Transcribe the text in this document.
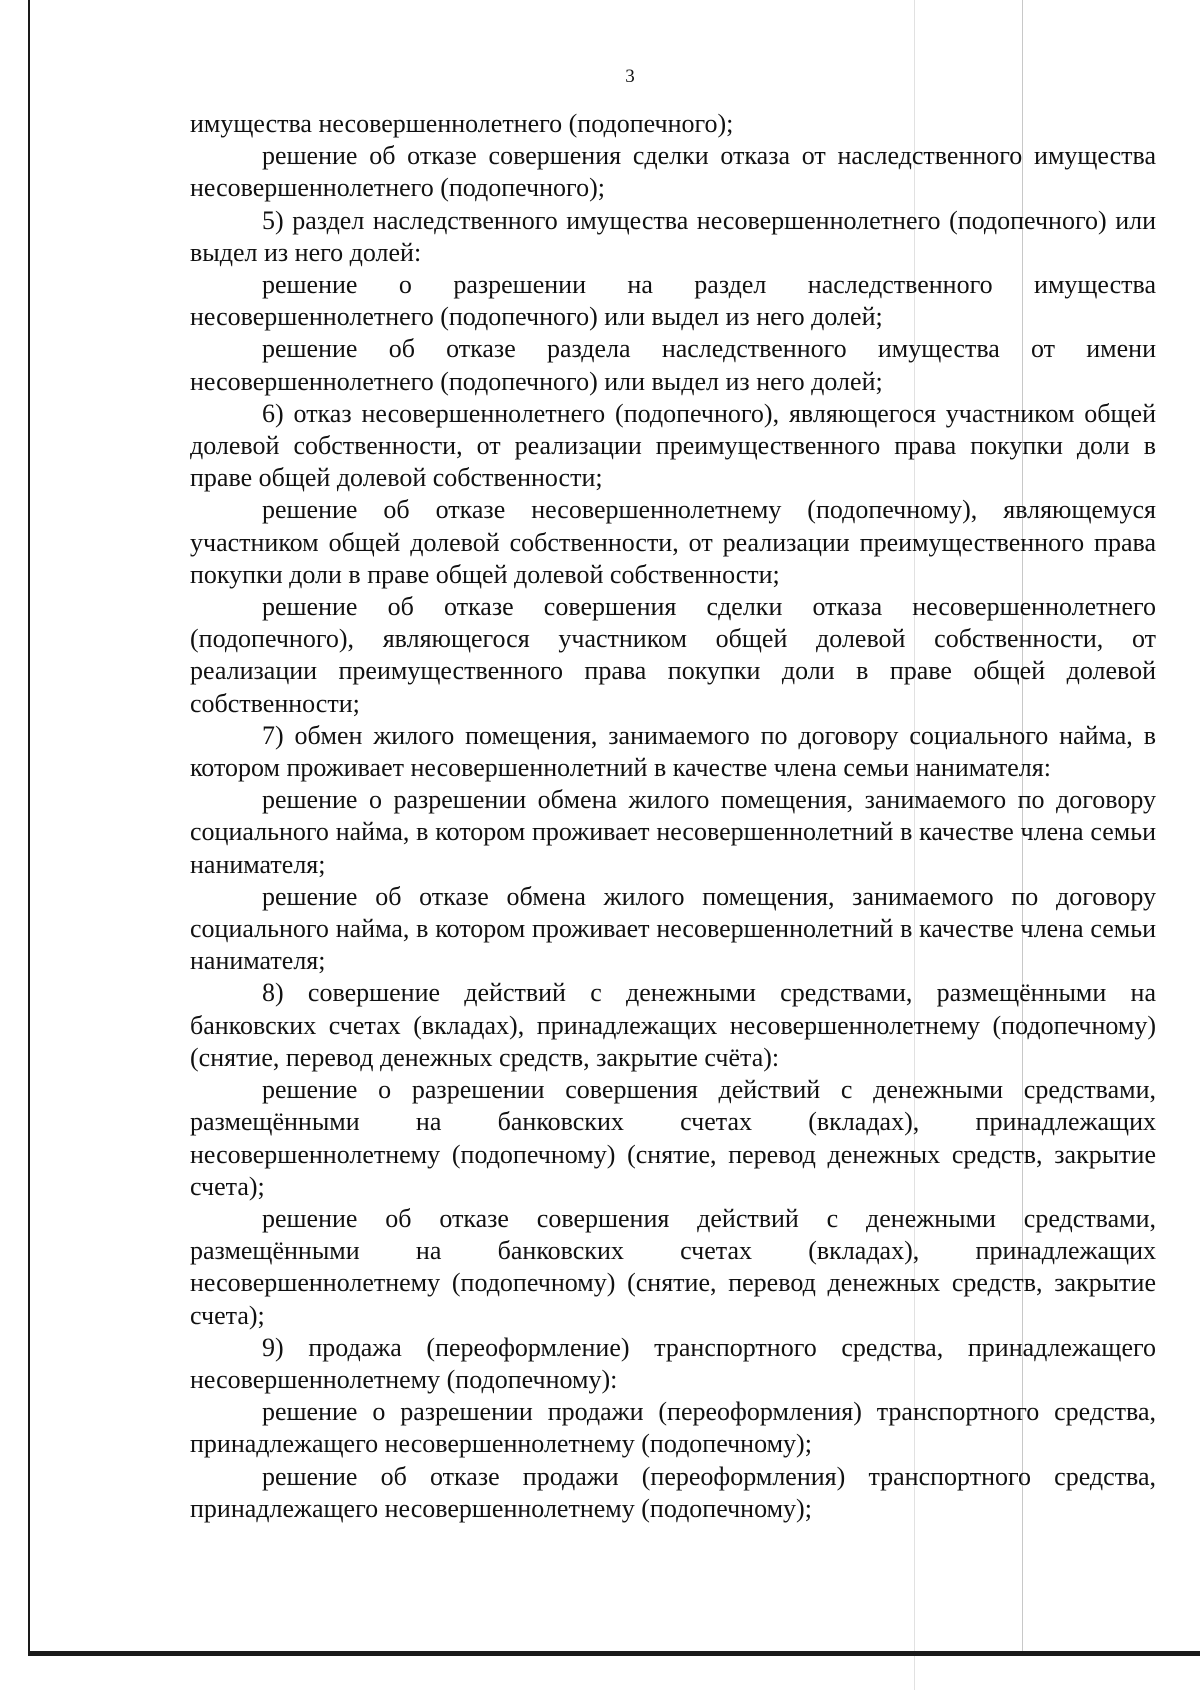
3

имущества несовершеннолетнего (подопечного);

решение об отказе совершения сделки отказа от наследственного имущества несовершеннолетнего (подопечного);

5) раздел наследственного имущества несовершеннолетнего (подопечного) или выдел из него долей:

решение о разрешении на раздел наследственного имущества несовершеннолетнего (подопечного) или выдел из него долей;

решение об отказе раздела наследственного имущества от имени несовершеннолетнего (подопечного) или выдел из него долей;

6) отказ несовершеннолетнего (подопечного), являющегося участником общей долевой собственности, от реализации преимущественного права покупки доли в праве общей долевой собственности;

решение об отказе несовершеннолетнему (подопечному), являющемуся участником общей долевой собственности, от реализации преимущественного права покупки доли в праве общей долевой собственности;

решение об отказе совершения сделки отказа несовершеннолетнего (подопечного), являющегося участником общей долевой собственности, от реализации преимущественного права покупки доли в праве общей долевой собственности;

7) обмен жилого помещения, занимаемого по договору социального найма, в котором проживает несовершеннолетний в качестве члена семьи нанимателя:

решение о разрешении обмена жилого помещения, занимаемого по договору социального найма, в котором проживает несовершеннолетний в качестве члена семьи нанимателя;

решение об отказе обмена жилого помещения, занимаемого по договору социального найма, в котором проживает несовершеннолетний в качестве члена семьи нанимателя;

8) совершение действий с денежными средствами, размещёнными на банковских счетах (вкладах), принадлежащих несовершеннолетнему (подопечному) (снятие, перевод денежных средств, закрытие счёта):

решение о разрешении совершения действий с денежными средствами, размещёнными на банковских счетах (вкладах), принадлежащих несовершеннолетнему (подопечному) (снятие, перевод денежных средств, закрытие счета);

решение об отказе совершения действий с денежными средствами, размещёнными на банковских счетах (вкладах), принадлежащих несовершеннолетнему (подопечному) (снятие, перевод денежных средств, закрытие счета);

9) продажа (переоформление) транспортного средства, принадлежащего несовершеннолетнему (подопечному):

решение о разрешении продажи (переоформления) транспортного средства, принадлежащего несовершеннолетнему (подопечному);

решение об отказе продажи (переоформления) транспортного средства, принадлежащего несовершеннолетнему (подопечному);
